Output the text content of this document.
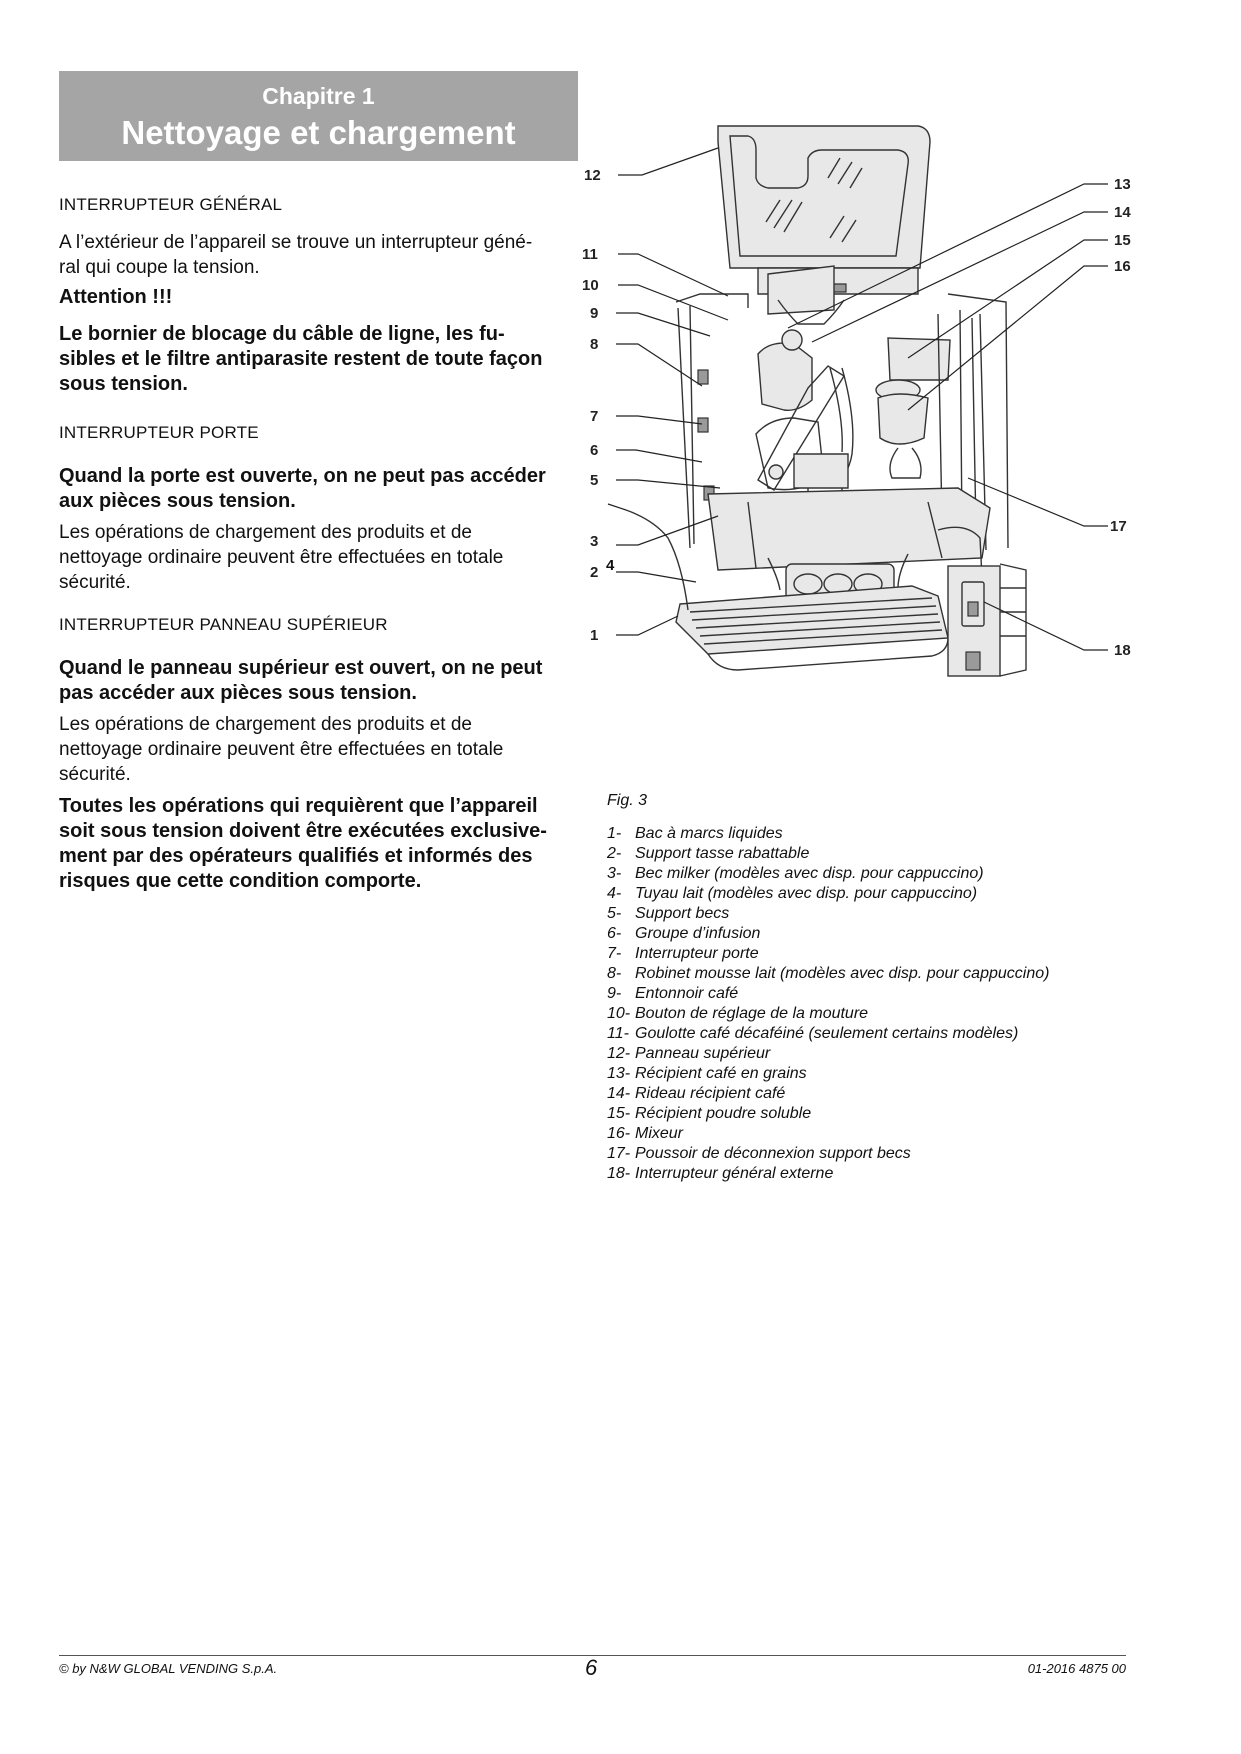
Chapitre 1
Nettoyage et chargement
INTERRUPTEUR GÉNÉRAL
A l’extérieur de l’appareil se trouve un interrupteur géné-
ral qui coupe la tension.
Attention !!!
Le bornier de blocage du câble de ligne, les fu-
sibles et le filtre antiparasite restent de toute façon
sous tension.
INTERRUPTEUR PORTE
Quand la porte est ouverte, on ne peut pas accéder
aux pièces sous tension.
Les opérations de chargement des produits et de
nettoyage ordinaire peuvent être effectuées en totale
sécurité.
INTERRUPTEUR PANNEAU SUPÉRIEUR
Quand le panneau supérieur est ouvert, on ne peut
pas accéder aux pièces sous tension.
Les opérations de chargement des produits et de
nettoyage ordinaire peuvent être effectuées en totale
sécurité.
Toutes les opérations qui requièrent que l’appareil
soit sous tension doivent être exécutées exclusive-
ment par des opérateurs qualifiés et informés des
risques que cette condition comporte.
12
11
10
9
8
7
6
5
3
2
1
13
14
15
16
17
18
4
Fig. 3
1- Bac à marcs liquides
2- Support tasse rabattable
3- Bec milker (modèles avec disp. pour cappuccino)
4- Tuyau lait (modèles avec disp. pour cappuccino)
5- Support becs
6- Groupe d’infusion
7- Interrupteur porte
8- Robinet mousse lait (modèles avec disp. pour cappuccino)
9- Entonnoir café
10- Bouton de réglage de la mouture
11- Goulotte café décaféiné (seulement certains modèles)
12- Panneau supérieur
13- Récipient café en grains
14- Rideau récipient café
15- Récipient poudre soluble
16- Mixeur
17- Poussoir de déconnexion support becs
18- Interrupteur général externe
© by N&W GLOBAL VENDING S.p.A.	6	01-2016 4875 00
